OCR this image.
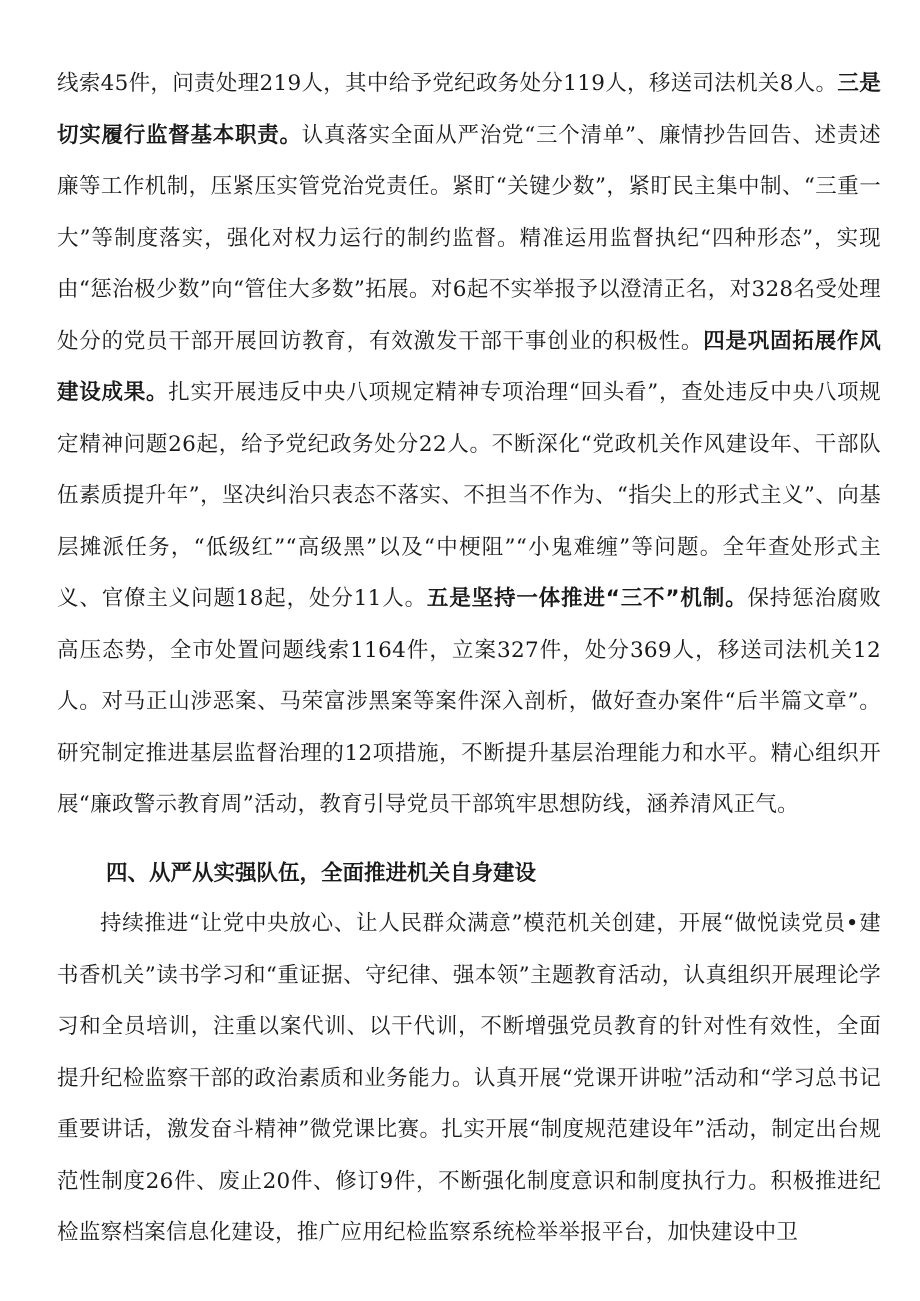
线索45件，问责处理219人，其中给予党纪政务处分119人，移送司法机关8人。三是切实履行监督基本职责。认真落实全面从严治党“三个清单”、廉情抄告回告、述责述廉等工作机制，压紧压实管党治党责任。紧盯“关键少数”，紧盯民主集中制、“三重一大”等制度落实，强化对权力运行的制约监督。精准运用监督执纪“四种形态”，实现由“惩治极少数”向“管住大多数”拓展。对6起不实举报予以澄清正名，对328名受处理处分的党员干部开展回访教育，有效激发干部干事创业的积极性。四是巩固拓展作风建设成果。扎实开展违反中央八项规定精神专项治理“回头看”，查处违反中央八项规定精神问题26起，给予党纪政务处分22人。不断深化“党政机关作风建设年、干部队伍素质提升年”，坚决纠治只表态不落实、不担当不作为、“指尖上的形式主义”、向基层摊派任务，“低级红”“高级黑”以及“中梗阻”“小鬼难缠”等问题。全年查处形式主义、官僚主义问题18起，处分11人。五是坚持一体推进“三不”机制。保持惩治腐败高压态势，全市处置问题线索1164件，立案327件，处分369人，移送司法机关12人。对马正山涉恶案、马荣富涉黑案等案件深入剖析，做好查办案件“后半篇文章”。研究制定推进基层监督治理的12项措施，不断提升基层治理能力和水平。精心组织开展“廉政警示教育周”活动，教育引导党员干部筑牢思想防线，涵养清风正气。

四、从严从实强队伍，全面推进机关自身建设

持续推进“让党中央放心、让人民群众满意”模范机关创建，开展“做悦读党员•建书香机关”读书学习和“重证据、守纪律、强本领”主题教育活动，认真组织开展理论学习和全员培训，注重以案代训、以干代训，不断增强党员教育的针对性有效性，全面提升纪检监察干部的政治素质和业务能力。认真开展“党课开讲啦”活动和“学习总书记重要讲话，激发奋斗精神”微党课比赛。扎实开展“制度规范建设年”活动，制定出台规范性制度26件、废止20件、修订9件，不断强化制度意识和制度执行力。积极推进纪检监察档案信息化建设，推广应用纪检监察系统检举举报平台，加快建设中卫
